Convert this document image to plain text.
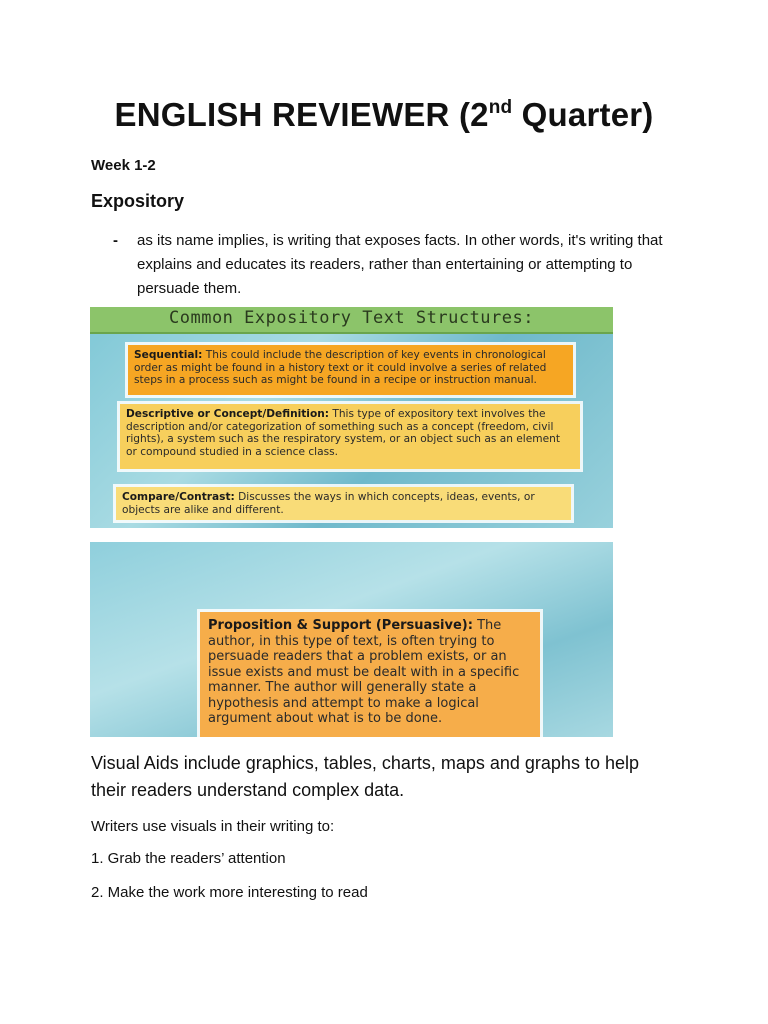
ENGLISH REVIEWER (2nd Quarter)
Week 1-2
Expository
- as its name implies, is writing that exposes facts. In other words, it's writing that explains and educates its readers, rather than entertaining or attempting to persuade them.
Common Expository Text Structures:
Sequential: This could include the description of key events in chronological order as might be found in a history text or it could involve a series of related steps in a process such as might be found in a recipe or instruction manual.
Descriptive or Concept/Definition: This type of expository text involves the description and/or categorization of something such as a concept (freedom, civil rights), a system such as the respiratory system, or an object such as an element or compound studied in a science class.
Compare/Contrast: Discusses the ways in which concepts, ideas, events, or objects are alike and different.
Proposition & Support (Persuasive): The author, in this type of text, is often trying to persuade readers that a problem exists, or an issue exists and must be dealt with in a specific manner. The author will generally state a hypothesis and attempt to make a logical argument about what is to be done.
Visual Aids include graphics, tables, charts, maps and graphs to help their readers understand complex data.
Writers use visuals in their writing to:
1. Grab the readers’ attention
2. Make the work more interesting to read
